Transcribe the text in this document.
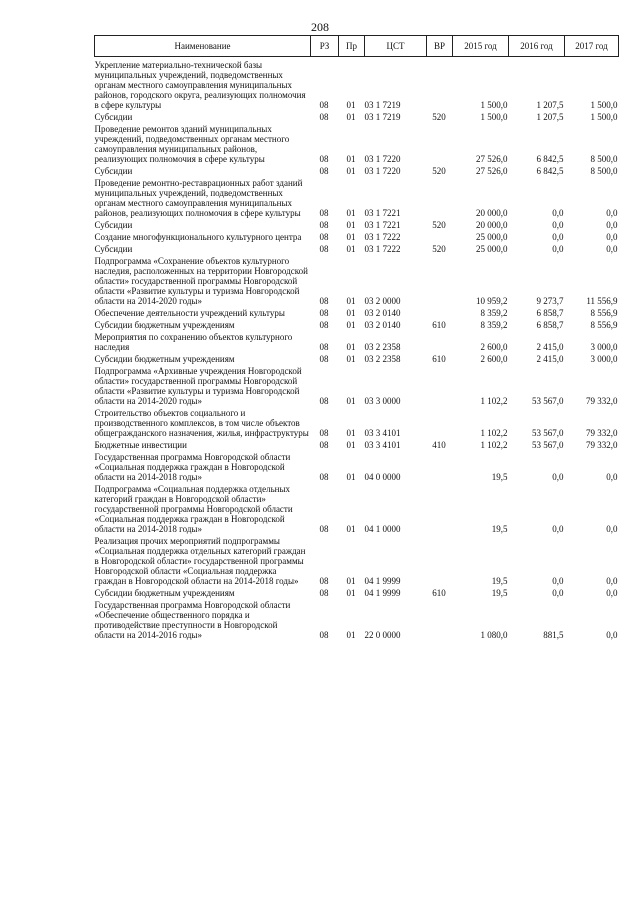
208
Наименование	РЗ	Пр	ЦСТ	ВР	2015 год	2016 год	2017 год
Укрепление материально-технической базы муниципальных учреждений, подведомственных органам местного самоуправления муниципальных районов, городского округа, реализующих полномочия в сфере культуры	08	01	03 1 7219		1 500,0	1 207,5	1 500,0
Субсидии	08	01	03 1 7219	520	1 500,0	1 207,5	1 500,0
Проведение ремонтов зданий муниципальных учреждений, подведомственных органам местного самоуправления муниципальных районов, реализующих полномочия в сфере культуры	08	01	03 1 7220		27 526,0	6 842,5	8 500,0
Субсидии	08	01	03 1 7220	520	27 526,0	6 842,5	8 500,0
Проведение ремонтно-реставрационных работ зданий муниципальных учреждений, подведомственных органам местного самоуправления муниципальных районов, реализующих полномочия в сфере культуры	08	01	03 1 7221		20 000,0	0,0	0,0
Субсидии	08	01	03 1 7221	520	20 000,0	0,0	0,0
Создание многофункционального культурного центра	08	01	03 1 7222		25 000,0	0,0	0,0
Субсидии	08	01	03 1 7222	520	25 000,0	0,0	0,0
Подпрограмма «Сохранение объектов культурного наследия, расположенных на территории Новгородской области» государственной программы Новгородской области «Развитие культуры и туризма Новгородской области на 2014-2020 годы»	08	01	03 2 0000		10 959,2	9 273,7	11 556,9
Обеспечение деятельности учреждений культуры	08	01	03 2 0140		8 359,2	6 858,7	8 556,9
Субсидии бюджетным учреждениям	08	01	03 2 0140	610	8 359,2	6 858,7	8 556,9
Мероприятия по сохранению объектов культурного наследия	08	01	03 2 2358		2 600,0	2 415,0	3 000,0
Субсидии бюджетным учреждениям	08	01	03 2 2358	610	2 600,0	2 415,0	3 000,0
Подпрограмма «Архивные учреждения Новгородской области» государственной программы Новгородской области «Развитие культуры и туризма Новгородской области на 2014-2020 годы»	08	01	03 3 0000		1 102,2	53 567,0	79 332,0
Строительство объектов социального и производственного комплексов, в том числе объектов общегражданского назначения, жилья, инфраструктуры	08	01	03 3 4101		1 102,2	53 567,0	79 332,0
Бюджетные инвестиции	08	01	03 3 4101	410	1 102,2	53 567,0	79 332,0
Государственная программа Новгородской области «Социальная поддержка граждан в Новгородской области на 2014-2018 годы»	08	01	04 0 0000		19,5	0,0	0,0
Подпрограмма «Социальная поддержка отдельных категорий граждан в Новгородской области» государственной программы Новгородской области «Социальная поддержка граждан в Новгородской области на 2014-2018 годы»	08	01	04 1 0000		19,5	0,0	0,0
Реализация прочих мероприятий подпрограммы «Социальная поддержка отдельных категорий граждан в Новгородской области» государственной программы Новгородской области «Социальная поддержка граждан в Новгородской области на 2014-2018 годы»	08	01	04 1 9999		19,5	0,0	0,0
Субсидии бюджетным учреждениям	08	01	04 1 9999	610	19,5	0,0	0,0
Государственная программа Новгородской области «Обеспечение общественного порядка и противодействие преступности в Новгородской области на 2014-2016 годы»	08	01	22 0 0000		1 080,0	881,5	0,0
